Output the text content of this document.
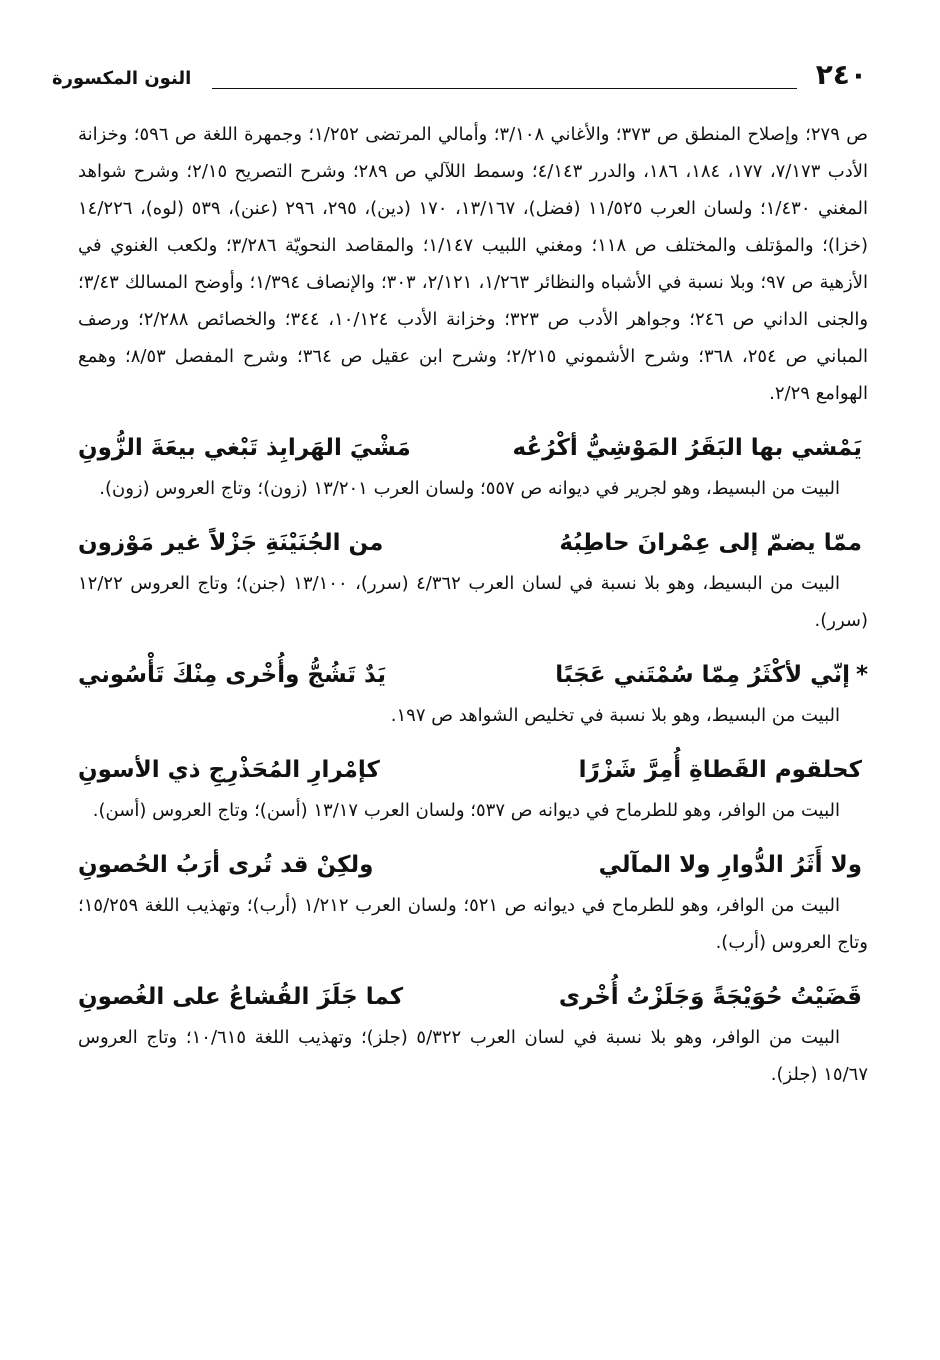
٢٤٠
النون المكسورة

ص ٢٧٩؛ وإصلاح المنطق ص ٣٧٣؛ والأغاني ٣/١٠٨؛ وأمالي المرتضى ١/٢٥٢؛ وجمهرة اللغة ص ٥٩٦؛ وخزانة الأدب ٧/١٧٣، ١٧٧، ١٨٤، ١٨٦، والدرر ٤/١٤٣؛ وسمط اللآلي ص ٢٨٩؛ وشرح التصريح ٢/١٥؛ وشرح شواهد المغني ١/٤٣٠؛ ولسان العرب ١١/٥٢٥ (فضل)، ١٣/١٦٧، ١٧٠ (دين)، ٢٩٥، ٢٩٦ (عنن)، ٥٣٩ (لوه)، ١٤/٢٢٦ (خزا)؛ والمؤتلف والمختلف ص ١١٨؛ ومغني اللبيب ١/١٤٧؛ والمقاصد النحويّة ٣/٢٨٦؛ ولكعب الغنوي في الأزهية ص ٩٧؛ وبلا نسبة في الأشباه والنظائر ١/٢٦٣، ٢/١٢١، ٣٠٣؛ والإنصاف ١/٣٩٤؛ وأوضح المسالك ٣/٤٣؛ والجنى الداني ص ٢٤٦؛ وجواهر الأدب ص ٣٢٣؛ وخزانة الأدب ١٠/١٢٤، ٣٤٤؛ والخصائص ٢/٢٨٨؛ ورصف المباني ص ٢٥٤، ٣٦٨؛ وشرح الأشموني ٢/٢١٥؛ وشرح ابن عقيل ص ٣٦٤؛ وشرح المفصل ٨/٥٣؛ وهمع الهوامع ٢/٢٩.

يَمْشي بها البَقَرُ المَوْشِيُّ أكْرُعُه
مَشْيَ الهَرابِذ تَبْغي بيعَةَ الزُّونِ

البيت من البسيط، وهو لجرير في ديوانه ص ٥٥٧؛ ولسان العرب ١٣/٢٠١ (زون)؛ وتاج العروس (زون).

ممّا يضمّ إلى عِمْرانَ حاطِبُهُ
من الجُنَيْنَةِ جَزْلاً غير مَوْزون

البيت من البسيط، وهو بلا نسبة في لسان العرب ٤/٣٦٢ (سرر)، ١٣/١٠٠ (جنن)؛ وتاج العروس ١٢/٢٢ (سرر).

*إنّي لأكْثَرُ مِمّا سُمْتَني عَجَبًا
يَدٌ تَشُجُّ وأُخْرى مِنْكَ تَأْسُوني

البيت من البسيط، وهو بلا نسبة في تخليص الشواهد ص ١٩٧.

كحلقوم القَطاةِ أُمِرَّ شَزْرًا
كإمْرارِ المُحَذْرِجِ ذي الأسونِ

البيت من الوافر، وهو للطرماح في ديوانه ص ٥٣٧؛ ولسان العرب ١٣/١٧ (أسن)؛ وتاج العروس (أسن).

ولا أَثَرُ الدُّوارِ ولا المآلي
ولكِنْ قد تُرى أرَبُ الحُصونِ

البيت من الوافر، وهو للطرماح في ديوانه ص ٥٢١؛ ولسان العرب ١/٢١٢ (أرب)؛ وتهذيب اللغة ١٥/٢٥٩؛ وتاج العروس (أرب).

قَضَيْتُ حُوَيْجَةً وَجَلَزْتُ أُخْرى
كما جَلَزَ القُشاعُ على الغُصونِ

البيت من الوافر، وهو بلا نسبة في لسان العرب ٥/٣٢٢ (جلز)؛ وتهذيب اللغة ١٠/٦١٥؛ وتاج العروس ١٥/٦٧ (جلز).
